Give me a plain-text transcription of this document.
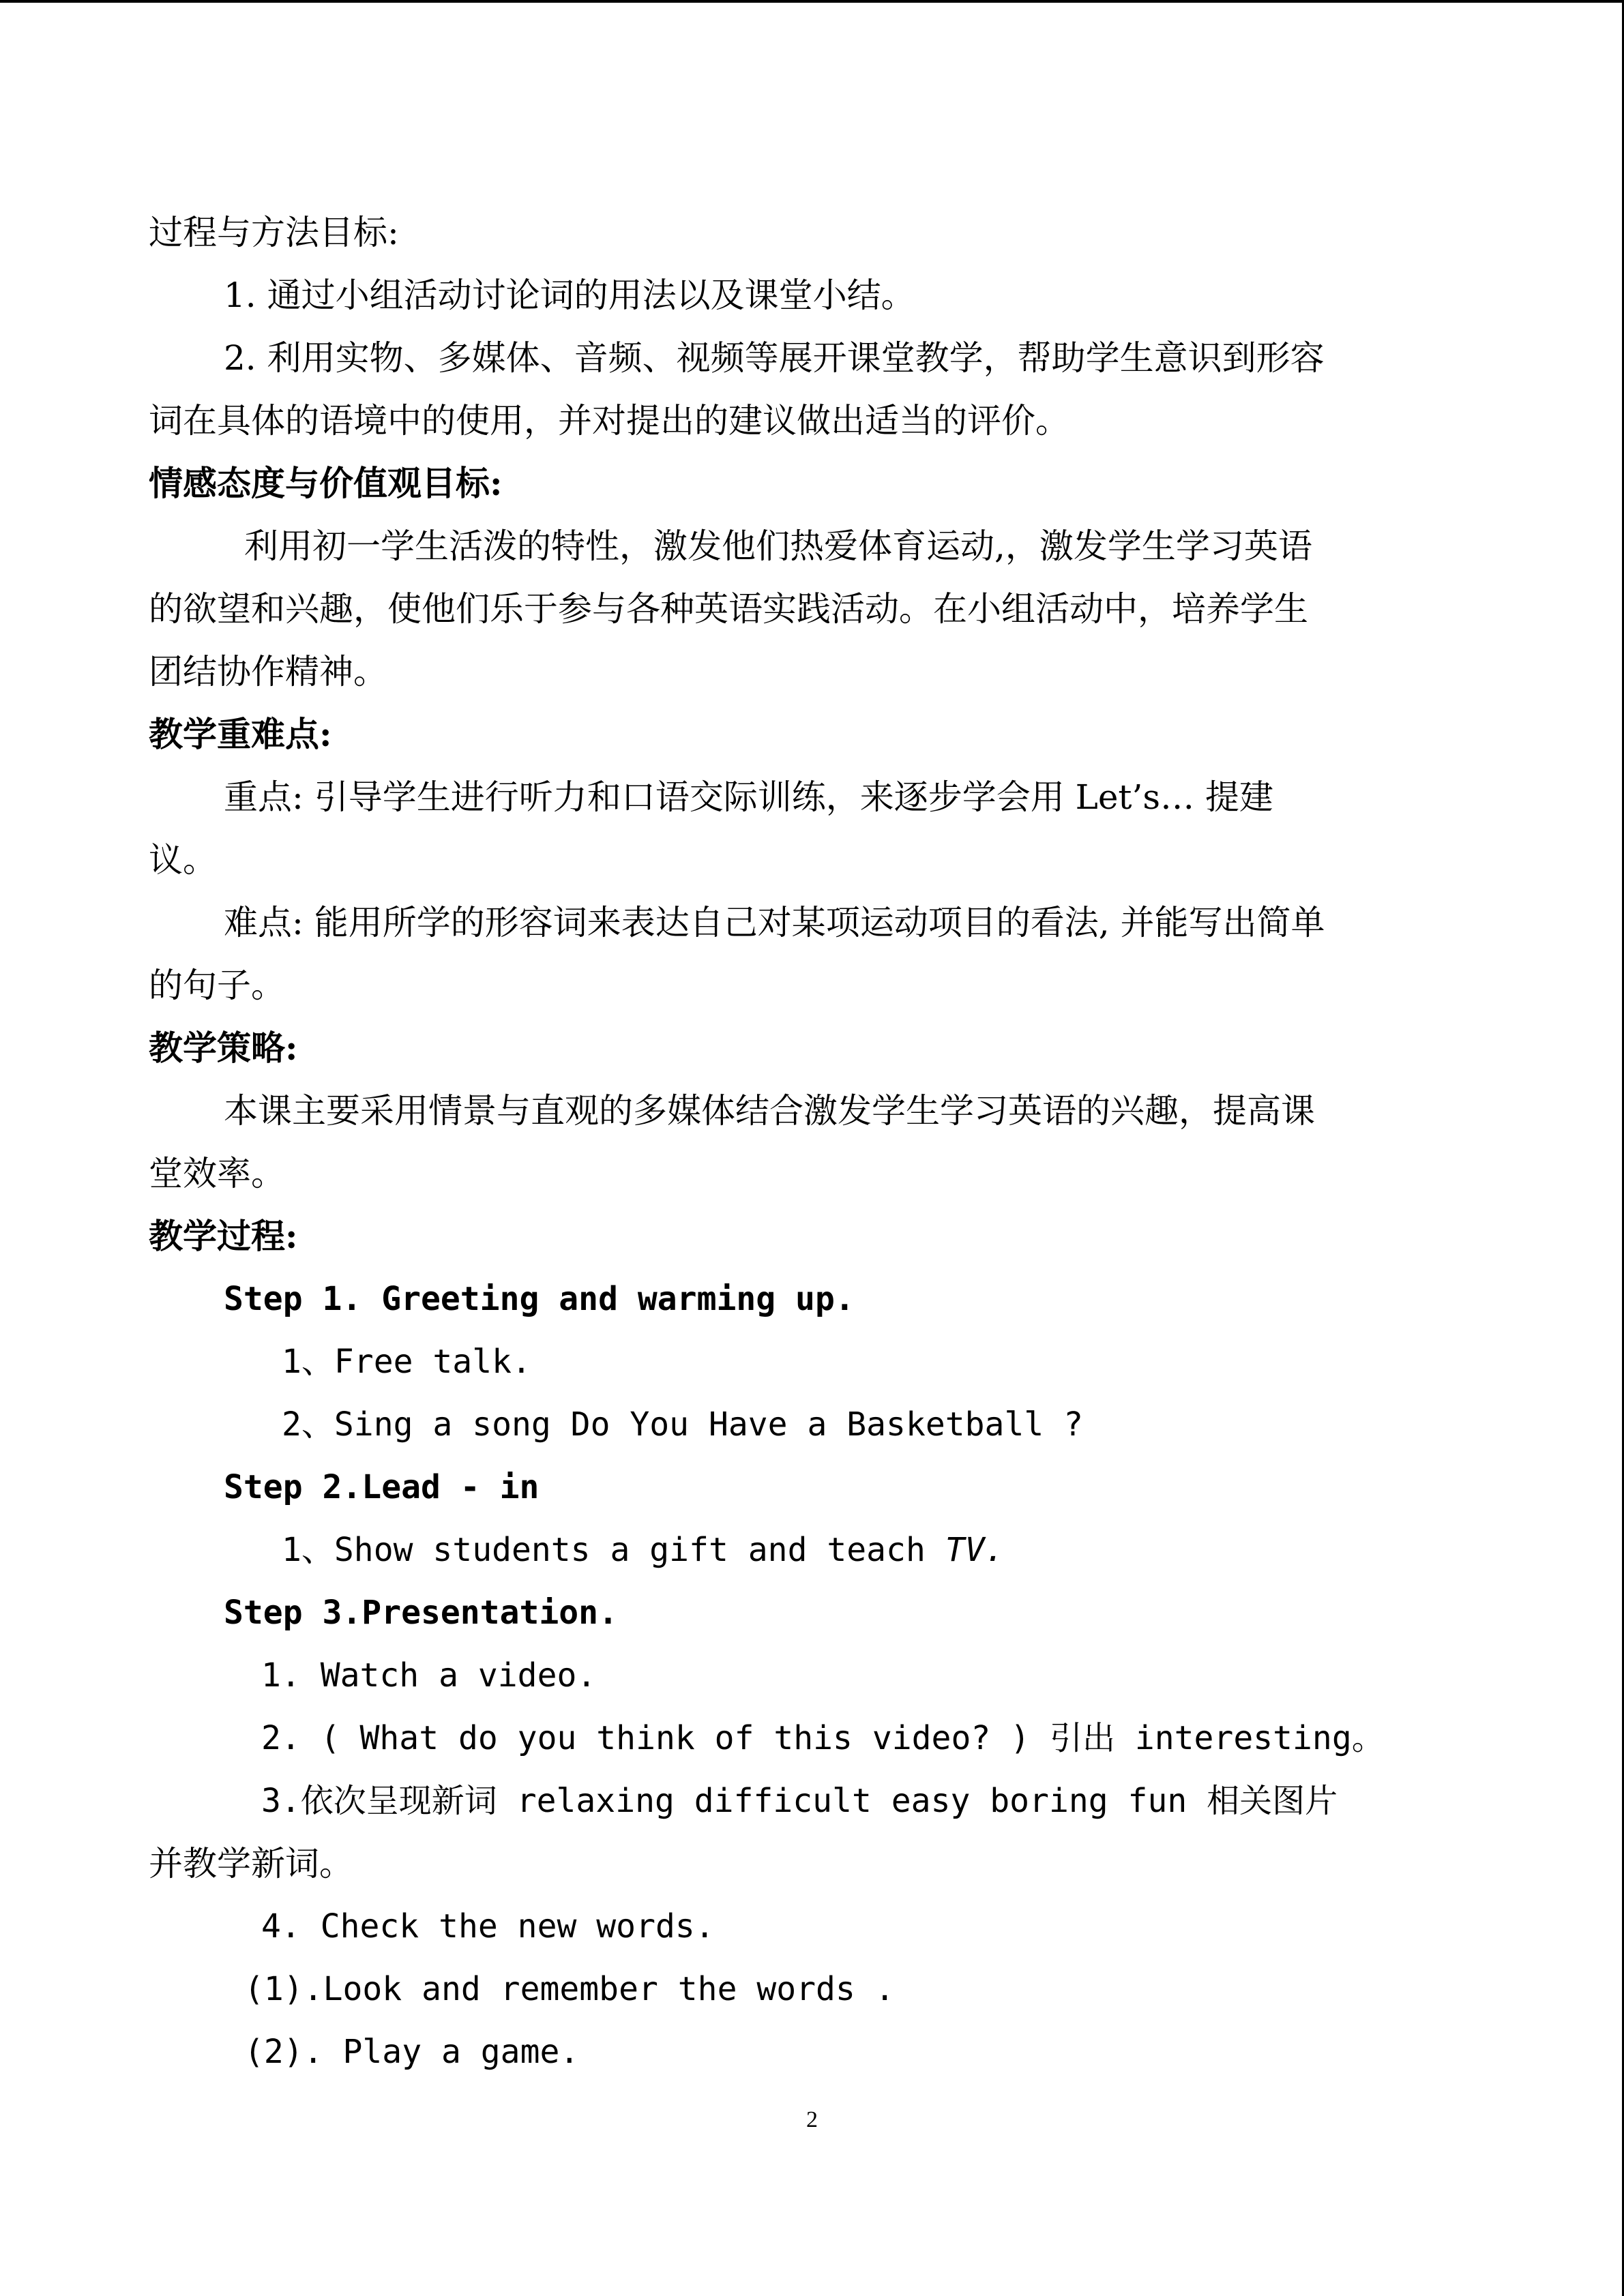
过程与方法目标:
1. 通过小组活动讨论词的用法以及课堂小结。
2. 利用实物、多媒体、音频、视频等展开课堂教学，帮助学生意识到形容
词在具体的语境中的使用，并对提出的建议做出适当的评价。
情感态度与价值观目标:
利用初一学生活泼的特性，激发他们热爱体育运动,，激发学生学习英语
的欲望和兴趣，使他们乐于参与各种英语实践活动。在小组活动中，培养学生
团结协作精神。
教学重难点:
重点: 引导学生进行听力和口语交际训练，来逐步学会用 Let’s… 提建
议。
难点: 能用所学的形容词来表达自己对某项运动项目的看法, 并能写出简单
的句子。
教学策略:
本课主要采用情景与直观的多媒体结合激发学生学习英语的兴趣，提高课
堂效率。
教学过程:
Step 1. Greeting and warming up.
1、Free talk.
2、Sing a song Do You Have a Basketball ?
Step 2.Lead - in
1、Show students a gift and teach TV.
Step 3.Presentation.
1. Watch a video.
2. ( What do you think of this video? ) 引出 interesting。
3.依次呈现新词 relaxing difficult easy boring fun 相关图片
并教学新词。
4. Check the new words.
(1).Look and remember the words .
(2). Play a game.
2
